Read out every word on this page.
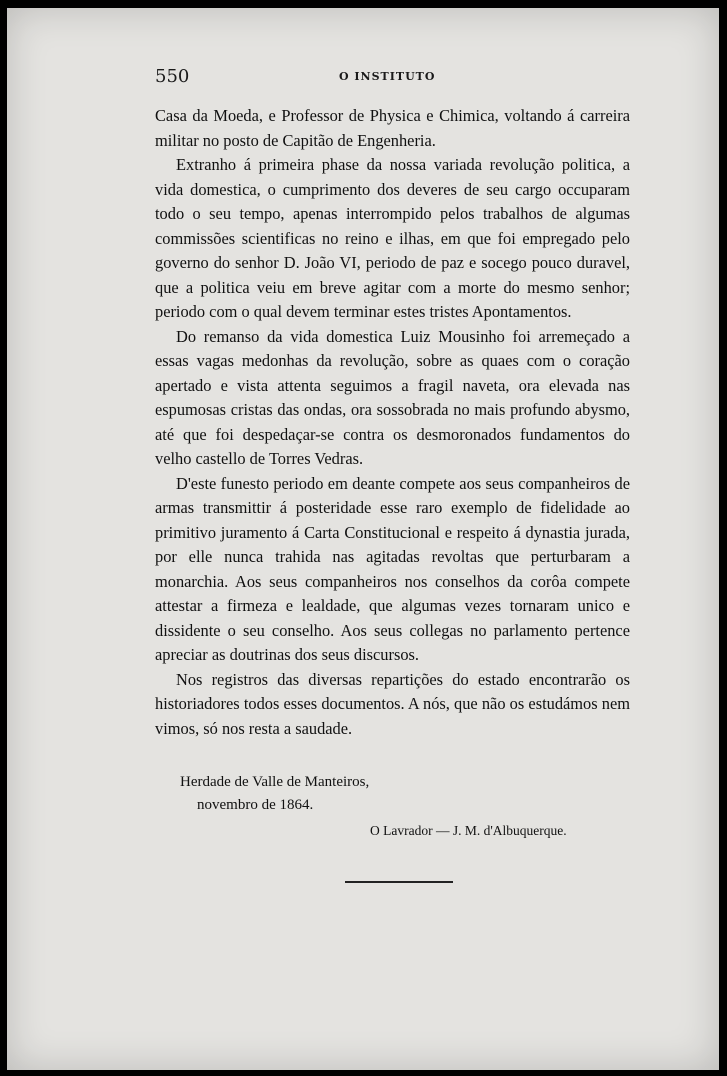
550	O INSTITUTO

Casa da Moeda, e Professor de Physica e Chimica, voltando á carreira militar no posto de Capitão de Engenheria.

Extranho á primeira phase da nossa variada revolução politica, a vida domestica, o cumprimento dos deveres de seu cargo occuparam todo o seu tempo, apenas interrompido pelos trabalhos de algumas commissões scientificas no reino e ilhas, em que foi empregado pelo governo do senhor D. João VI, periodo de paz e socego pouco duravel, que a politica veiu em breve agitar com a morte do mesmo senhor; periodo com o qual devem terminar estes tristes Apontamentos.

Do remanso da vida domestica Luiz Mousinho foi arremeçado a essas vagas medonhas da revolução, sobre as quaes com o coração apertado e vista attenta seguimos a fragil naveta, ora elevada nas espumosas cristas das ondas, ora sossobrada no mais profundo abysmo, até que foi despedaçar-se contra os desmoronados fundamentos do velho castello de Torres Vedras.

D'este funesto periodo em deante compete aos seus companheiros de armas transmittir á posteridade esse raro exemplo de fidelidade ao primitivo juramento á Carta Constitucional e respeito á dynastia jurada, por elle nunca trahida nas agitadas revoltas que perturbaram a monarchia. Aos seus companheiros nos conselhos da corôa compete attestar a firmeza e lealdade, que algumas vezes tornaram unico e dissidente o seu conselho. Aos seus collegas no parlamento pertence apreciar as doutrinas dos seus discursos.

Nos registros das diversas repartições do estado encontrarão os historiadores todos esses documentos. A nós, que não os estudámos nem vimos, só nos resta a saudade.

Herdade de Valle de Manteiros,
novembro de 1864.
O Lavrador — J. M. d'Albuquerque.
